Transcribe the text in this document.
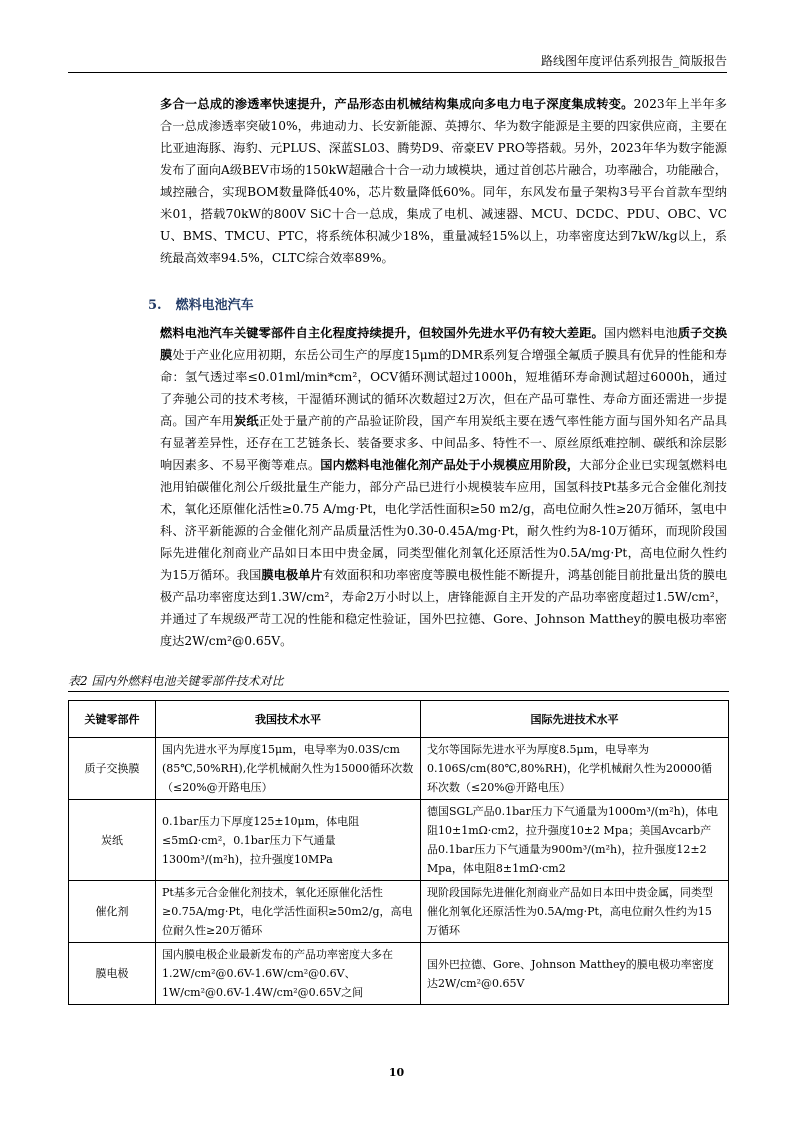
路线图年度评估系列报告_简版报告

多合一总成的渗透率快速提升，产品形态由机械结构集成向多电力电子深度集成转变。2023年上半年多合一总成渗透率突破10%，弗迪动力、长安新能源、英搏尔、华为数字能源是主要的四家供应商，主要在比亚迪海豚、海豹、元PLUS、深蓝SL03、腾势D9、帝豪EV PRO等搭载。另外，2023年华为数字能源发布了面向A级BEV市场的150kW超融合十合一动力域模块，通过首创芯片融合，功率融合，功能融合，域控融合，实现BOM数量降低40%，芯片数量降低60%。同年，东风发布量子架构3号平台首款车型纳米01，搭载70kW的800V SiC十合一总成，集成了电机、减速器、MCU、DCDC、PDU、OBC、VCU、BMS、TMCU、PTC，将系统体积减少18%，重量减轻15%以上，功率密度达到7kW/kg以上，系统最高效率94.5%，CLTC综合效率89%。

5. 燃料电池汽车

燃料电池汽车关键零部件自主化程度持续提升，但较国外先进水平仍有较大差距。国内燃料电池质子交换膜处于产业化应用初期，东岳公司生产的厚度15μm的DMR系列复合增强全氟质子膜具有优异的性能和寿命：氢气透过率≤0.01ml/min*cm²，OCV循环测试超过1000h，短堆循环寿命测试超过6000h，通过了奔驰公司的技术考核，干湿循环测试的循环次数超过2万次，但在产品可靠性、寿命方面还需进一步提高。国产车用炭纸正处于量产前的产品验证阶段，国产车用炭纸主要在透气率性能方面与国外知名产品具有显著差异性，还存在工艺链条长、装备要求多、中间品多、特性不一、原丝原纸难控制、碳纸和涂层影响因素多、不易平衡等难点。国内燃料电池催化剂产品处于小规模应用阶段，大部分企业已实现氢燃料电池用铂碳催化剂公斤级批量生产能力，部分产品已进行小规模装车应用，国氢科技Pt基多元合金催化剂技术，氧化还原催化活性≥0.75 A/mg·Pt，电化学活性面积≥50 m2/g，高电位耐久性≥20万循环，氢电中科、济平新能源的合金催化剂产品质量活性为0.30-0.45A/mg·Pt，耐久性约为8-10万循环，而现阶段国际先进催化剂商业产品如日本田中贵金属，同类型催化剂氧化还原活性为0.5A/mg·Pt，高电位耐久性约为15万循环。我国膜电极单片有效面积和功率密度等膜电极性能不断提升，鸿基创能目前批量出货的膜电极产品功率密度达到1.3W/cm²，寿命2万小时以上，唐锋能源自主开发的产品功率密度超过1.5W/cm²，并通过了车规级严苛工况的性能和稳定性验证，国外巴拉德、Gore、Johnson Matthey的膜电极功率密度达2W/cm²@0.65V。

表2 国内外燃料电池关键零部件技术对比
关键零部件	我国技术水平	国际先进技术水平
质子交换膜	国内先进水平为厚度15μm，电导率为0.03S/cm (85℃,50%RH),化学机械耐久性为15000循环次数（≤20%@开路电压）	戈尔等国际先进水平为厚度8.5μm，电导率为0.106S/cm(80℃,80%RH)，化学机械耐久性为20000循环次数（≤20%@开路电压）
炭纸	0.1bar压力下厚度125±10μm，体电阻≤5mΩ·cm²，0.1bar压力下气通量1300m³/(m²h)，拉升强度10MPa	德国SGL产品0.1bar压力下气通量为1000m³/(m²h)，体电阻10±1mΩ·cm2，拉升强度10±2 Mpa；美国Avcarb产品0.1bar压力下气通量为900m³/(m²h)，拉升强度12±2 Mpa，体电阻8±1mΩ·cm2
催化剂	Pt基多元合金催化剂技术，氧化还原催化活性≥0.75A/mg·Pt，电化学活性面积≥50m2/g，高电位耐久性≥20万循环	现阶段国际先进催化剂商业产品如日本田中贵金属，同类型催化剂氧化还原活性为0.5A/mg·Pt，高电位耐久性约为15万循环
膜电极	国内膜电极企业最新发布的产品功率密度大多在1.2W/cm²@0.6V-1.6W/cm²@0.6V、1W/cm²@0.6V-1.4W/cm²@0.65V之间	国外巴拉德、Gore、Johnson Matthey的膜电极功率密度达2W/cm²@0.65V
10
